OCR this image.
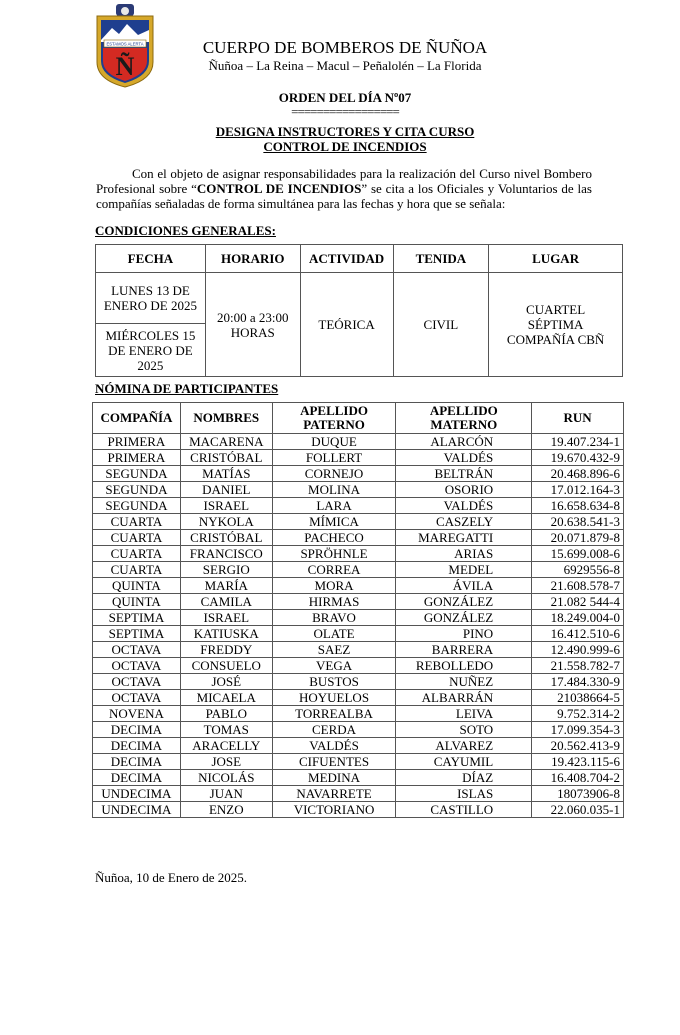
ESTAMOS ALERTA
Ñ
CUERPO DE BOMBEROS DE ÑUÑOA
Ñuñoa – La Reina – Macul – Peñalolén – La Florida
ORDEN DEL DÍA Nº07
=================
DESIGNA INSTRUCTORES Y CITA CURSO
CONTROL DE INCENDIOS
Con el objeto de asignar responsabilidades para la realización del Curso nivel Bombero Profesional sobre “CONTROL DE INCENDIOS” se cita a los Oficiales y Voluntarios de las compañías señaladas de forma simultánea para las fechas y hora que se señala:
CONDICIONES GENERALES:
FECHA	HORARIO	ACTIVIDAD	TENIDA	LUGAR
LUNES 13 DE ENERO DE 2025	20:00 a 23:00 HORAS	TEÓRICA	CIVIL	CUARTEL SÉPTIMA COMPAÑÍA CBÑ
MIÉRCOLES 15 DE ENERO DE 2025				
NÓMINA DE PARTICIPANTES
COMPAÑÍA	NOMBRES	APELLIDO PATERNO	APELLIDO MATERNO	RUN
PRIMERA	MACARENA	DUQUE	ALARCÓN	19.407.234-1
PRIMERA	CRISTÓBAL	FOLLERT	VALDÉS	19.670.432-9
SEGUNDA	MATÍAS	CORNEJO	BELTRÁN	20.468.896-6
SEGUNDA	DANIEL	MOLINA	OSORIO	17.012.164-3
SEGUNDA	ISRAEL	LARA	VALDÉS	16.658.634-8
CUARTA	NYKOLA	MÍMICA	CASZELY	20.638.541-3
CUARTA	CRISTÓBAL	PACHECO	MAREGATTI	20.071.879-8
CUARTA	FRANCISCO	SPRÖHNLE	ARIAS	15.699.008-6
CUARTA	SERGIO	CORREA	MEDEL	6929556-8
QUINTA	MARÍA	MORA	ÁVILA	21.608.578-7
QUINTA	CAMILA	HIRMAS	GONZÁLEZ	21.082 544-4
SEPTIMA	ISRAEL	BRAVO	GONZÁLEZ	18.249.004-0
SEPTIMA	KATIUSKA	OLATE	PINO	16.412.510-6
OCTAVA	FREDDY	SAEZ	BARRERA	12.490.999-6
OCTAVA	CONSUELO	VEGA	REBOLLEDO	21.558.782-7
OCTAVA	JOSÉ	BUSTOS	NUÑEZ	17.484.330-9
OCTAVA	MICAELA	HOYUELOS	ALBARRÁN	21038664-5
NOVENA	PABLO	TORREALBA	LEIVA	9.752.314-2
DECIMA	TOMAS	CERDA	SOTO	17.099.354-3
DECIMA	ARACELLY	VALDÉS	ALVAREZ	20.562.413-9
DECIMA	JOSE	CIFUENTES	CAYUMIL	19.423.115-6
DECIMA	NICOLÁS	MEDINA	DÍAZ	16.408.704-2
UNDECIMA	JUAN	NAVARRETE	ISLAS	18073906-8
UNDECIMA	ENZO	VICTORIANO	CASTILLO	22.060.035-1
Ñuñoa, 10 de Enero de 2025.
